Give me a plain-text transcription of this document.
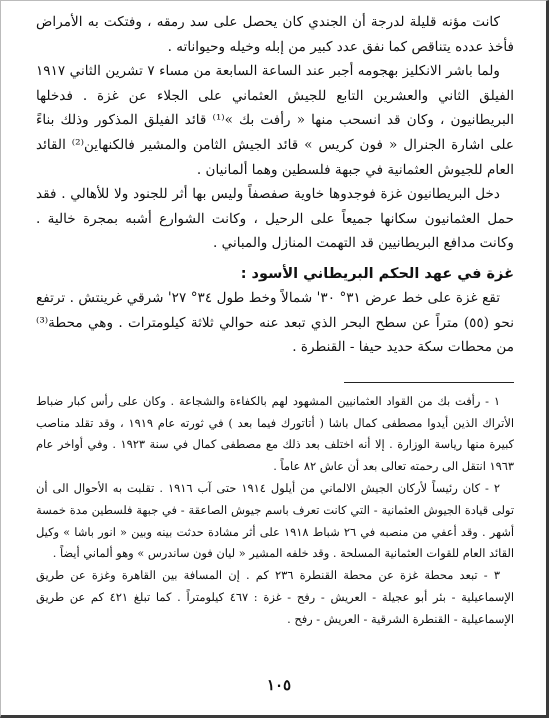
كانت مؤنه قليلة لدرجة أن الجندي كان يحصل على سد رمقه ، وفتكت به الأمراض فأخذ عدده يتناقص كما نفق عدد كبير من إبله وخيله وحيواناته .

ولما باشر الانكليز بهجومه أجبر عند الساعة السابعة من مساء ٧ تشرين الثاني ١٩١٧ الفيلق الثاني والعشرين التابع للجيش العثماني على الجلاء عن غزة . فدخلها البريطانيون ، وكان قد انسحب منها « رأفت بك »⁽¹⁾ قائد الفيلق المذكور وذلك بناءً على اشارة الجنرال « فون كريس » قائد الجيش الثامن والمشير فالكنهاين⁽²⁾ القائد العام للجيوش العثمانية في جبهة فلسطين وهما ألمانيان .

دخل البريطانيون غزة فوجدوها خاوية صفصفاً وليس بها أثر للجنود ولا للأهالي . فقد حمل العثمانيون سكانها جميعاً على الرحيل ، وكانت الشوارع أشبه بمجرة خالية . وكانت مدافع البريطانيين قد التهمت المنازل والمباني .

غزة في عهد الحكم البريطاني الأسود :

تقع غزة على خط عرض ٣١° ٣٠' شمالاً وخط طول ٣٤° ٢٧' شرقي غرينتش . ترتفع نحو (٥٥) متراً عن سطح البحر الذي تبعد عنه حوالي ثلاثة كيلومترات . وهي محطة⁽³⁾ من محطات سكة حديد حيفا - القنطرة .

١ - رأفت بك من القواد العثمانيين المشهود لهم بالكفاءة والشجاعة . وكان على رأس كبار ضباط الأتراك الذين أيدوا مصطفى كمال باشا ( أتاتورك فيما بعد ) في ثورته عام ١٩١٩ ، وقد تقلد مناصب كبيرة منها رياسة الوزارة . إلا أنه اختلف بعد ذلك مع مصطفى كمال في سنة ١٩٢٣ . وفي أواخر عام ١٩٦٣ انتقل الى رحمته تعالى بعد أن عاش ٨٢ عاماً .

٢ - كان رئيساً لأركان الجيش الالماني من أيلول ١٩١٤ حتى آب ١٩١٦ . تقلبت به الأحوال الى أن تولى قيادة الجيوش العثمانية - التي كانت تعرف باسم جيوش الصاعقة - في جبهة فلسطين مدة خمسة أشهر . وقد أعفي من منصبه في ٢٦ شباط ١٩١٨ على أثر مشادة حدثت بينه وبين « انور باشا » وكيل القائد العام للقوات العثمانية المسلحة . وقد خلفه المشير « ليان فون ساندرس » وهو ألماني أيضاً .

٣ - تبعد محطة غزة عن محطة القنطرة ٢٣٦ كم . إن المسافة بين القاهرة وغزة عن طريق الإسماعيلية - بئر أبو عجيلة - العريش - رفح - غزة : ٤٦٧ كيلومتراً . كما تبلغ ٤٢١ كم عن طريق الإسماعيلية - القنطرة الشرقية - العريش - رفح .

١٠٥
